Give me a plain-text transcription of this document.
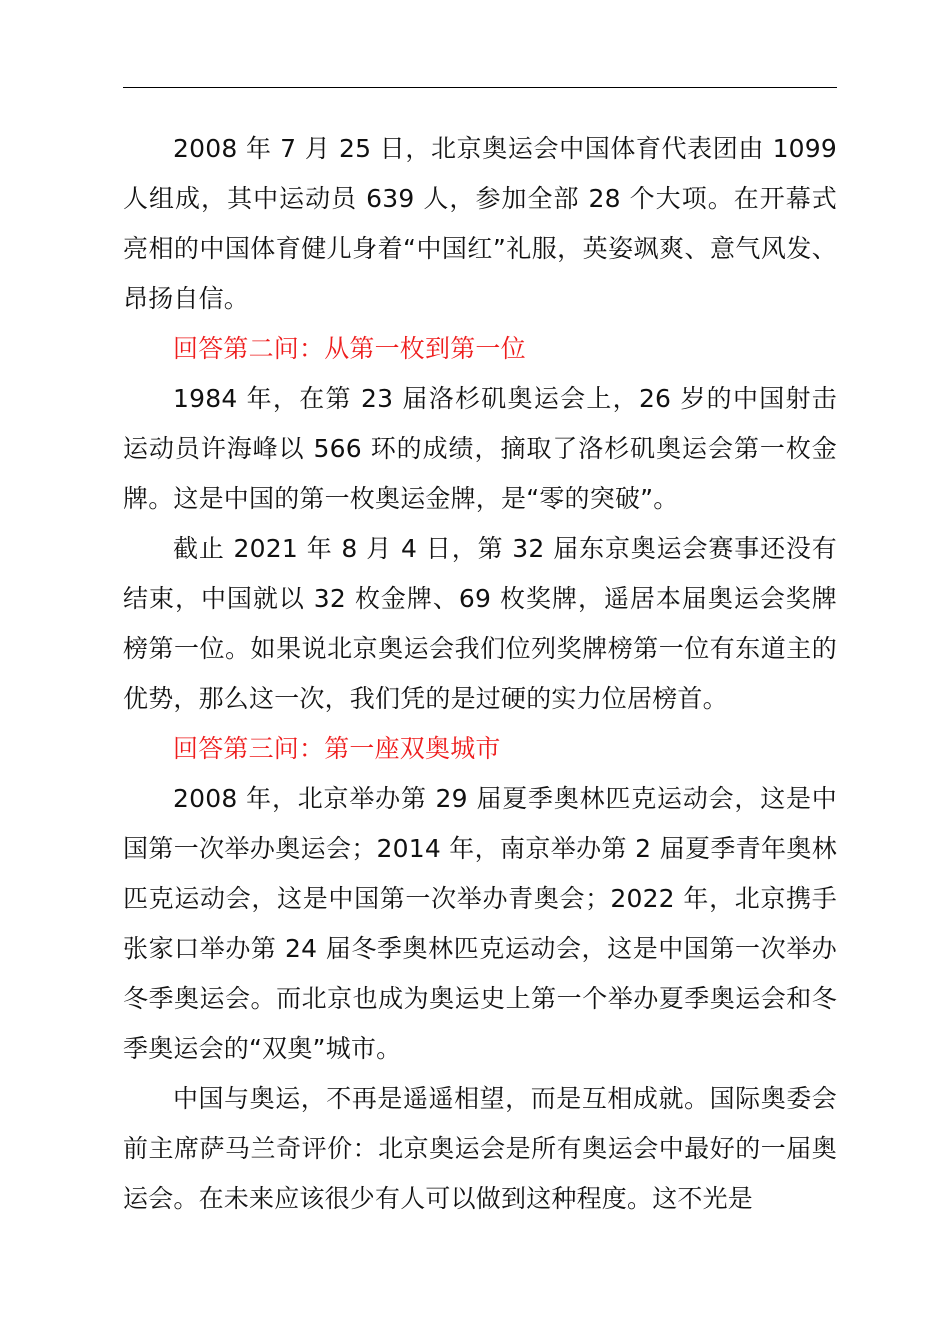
2008 年 7 月 25 日，北京奥运会中国体育代表团由 1099 人组成，其中运动员 639 人，参加全部 28 个大项。在开幕式亮相的中国体育健儿身着“中国红”礼服，英姿飒爽、意气风发、昂扬自信。

回答第二问：从第一枚到第一位

1984 年，在第 23 届洛杉矶奥运会上，26 岁的中国射击运动员许海峰以 566 环的成绩，摘取了洛杉矶奥运会第一枚金牌。这是中国的第一枚奥运金牌，是“零的突破”。

截止 2021 年 8 月 4 日，第 32 届东京奥运会赛事还没有结束，中国就以 32 枚金牌、69 枚奖牌，遥居本届奥运会奖牌榜第一位。如果说北京奥运会我们位列奖牌榜第一位有东道主的优势，那么这一次，我们凭的是过硬的实力位居榜首。

回答第三问：第一座双奥城市

2008 年，北京举办第 29 届夏季奥林匹克运动会，这是中国第一次举办奥运会；2014 年，南京举办第 2 届夏季青年奥林匹克运动会，这是中国第一次举办青奥会；2022 年，北京携手张家口举办第 24 届冬季奥林匹克运动会，这是中国第一次举办冬季奥运会。而北京也成为奥运史上第一个举办夏季奥运会和冬季奥运会的“双奥”城市。

中国与奥运，不再是遥遥相望，而是互相成就。国际奥委会前主席萨马兰奇评价：北京奥运会是所有奥运会中最好的一届奥运会。在未来应该很少有人可以做到这种程度。这不光是
